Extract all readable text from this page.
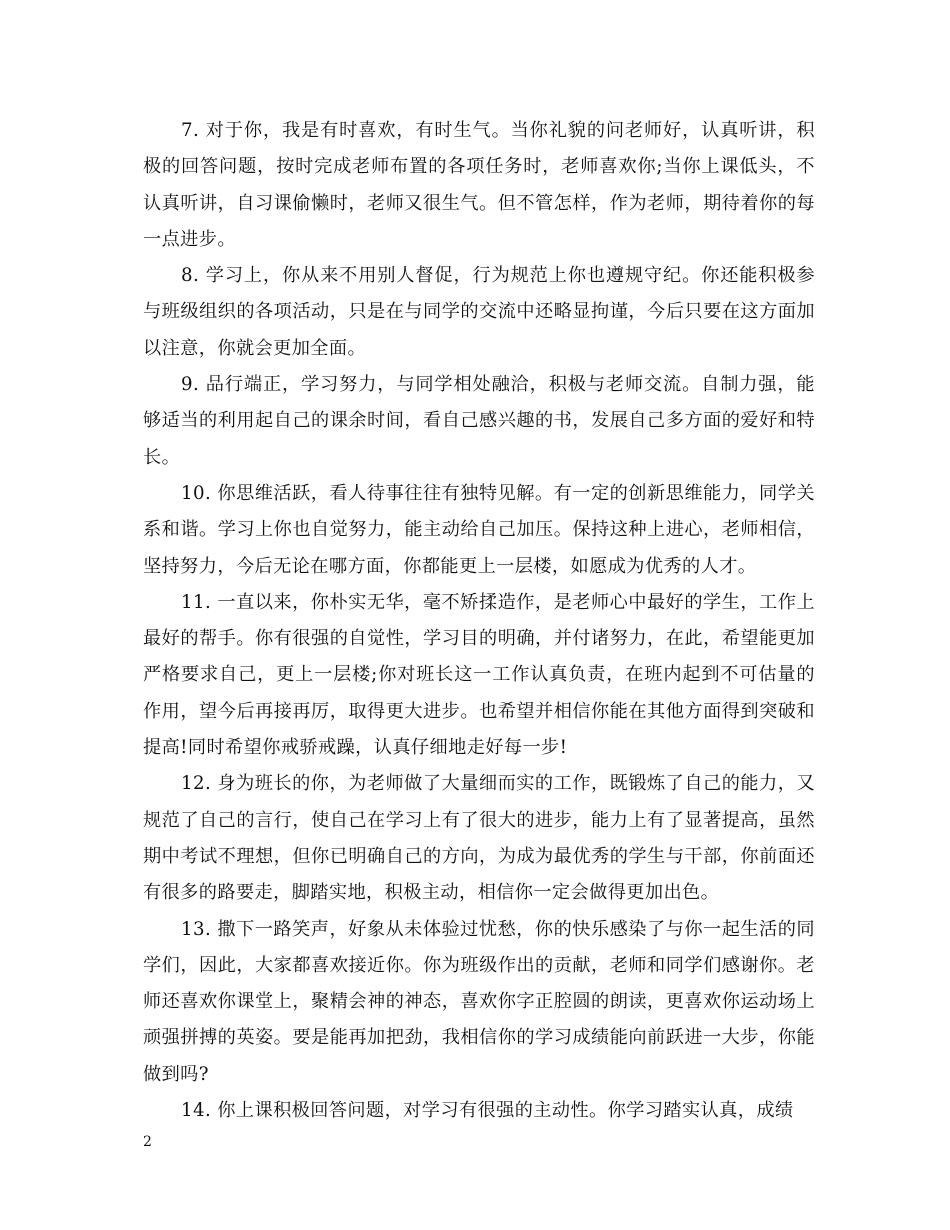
7. 对于你，我是有时喜欢，有时生气。当你礼貌的问老师好，认真听讲，积极的回答问题，按时完成老师布置的各项任务时，老师喜欢你;当你上课低头，不认真听讲，自习课偷懒时，老师又很生气。但不管怎样，作为老师，期待着你的每一点进步。

8. 学习上，你从来不用别人督促，行为规范上你也遵规守纪。你还能积极参与班级组织的各项活动，只是在与同学的交流中还略显拘谨，今后只要在这方面加以注意，你就会更加全面。

9. 品行端正，学习努力，与同学相处融洽，积极与老师交流。自制力强，能够适当的利用起自己的课余时间，看自己感兴趣的书，发展自己多方面的爱好和特长。

10. 你思维活跃，看人待事往往有独特见解。有一定的创新思维能力，同学关系和谐。学习上你也自觉努力，能主动给自己加压。保持这种上进心，老师相信，坚持努力，今后无论在哪方面，你都能更上一层楼，如愿成为优秀的人才。

11. 一直以来，你朴实无华，毫不矫揉造作，是老师心中最好的学生，工作上最好的帮手。你有很强的自觉性，学习目的明确，并付诸努力，在此，希望能更加严格要求自己，更上一层楼;你对班长这一工作认真负责，在班内起到不可估量的作用，望今后再接再厉，取得更大进步。也希望并相信你能在其他方面得到突破和提高!同时希望你戒骄戒躁，认真仔细地走好每一步!

12. 身为班长的你，为老师做了大量细而实的工作，既锻炼了自己的能力，又规范了自己的言行，使自己在学习上有了很大的进步，能力上有了显著提高，虽然期中考试不理想，但你已明确自己的方向，为成为最优秀的学生与干部，你前面还有很多的路要走，脚踏实地，积极主动，相信你一定会做得更加出色。

13. 撒下一路笑声，好象从未体验过忧愁，你的快乐感染了与你一起生活的同学们，因此，大家都喜欢接近你。你为班级作出的贡献，老师和同学们感谢你。老师还喜欢你课堂上，聚精会神的神态，喜欢你字正腔圆的朗读，更喜欢你运动场上顽强拼搏的英姿。要是能再加把劲，我相信你的学习成绩能向前跃进一大步，你能做到吗?

14. 你上课积极回答问题，对学习有很强的主动性。你学习踏实认真，成绩

2
